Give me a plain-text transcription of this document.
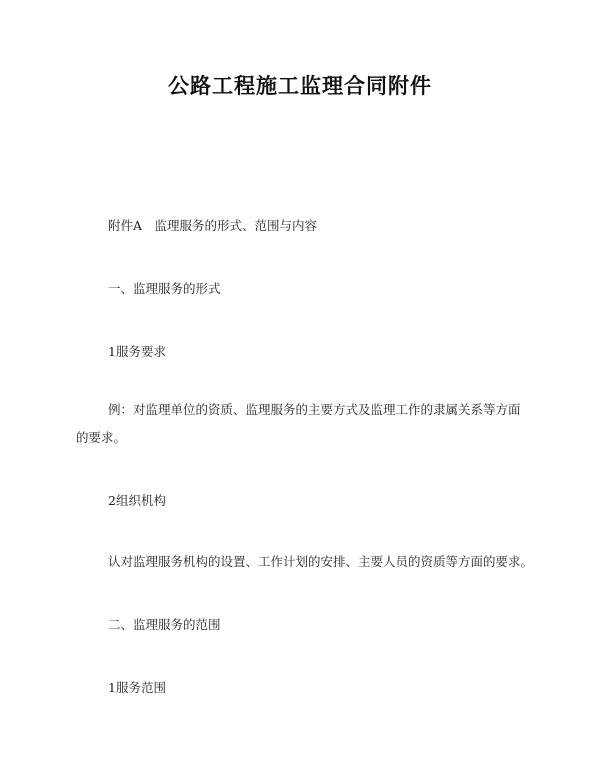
公路工程施工监理合同附件

附件A　监理服务的形式、范围与内容

一、监理服务的形式

1服务要求

例：对监理单位的资质、监理服务的主要方式及监理工作的隶属关系等方面的要求。

2组织机构

认对监理服务机构的设置、工作计划的安排、主要人员的资质等方面的要求。

二、监理服务的范围

1服务范围
